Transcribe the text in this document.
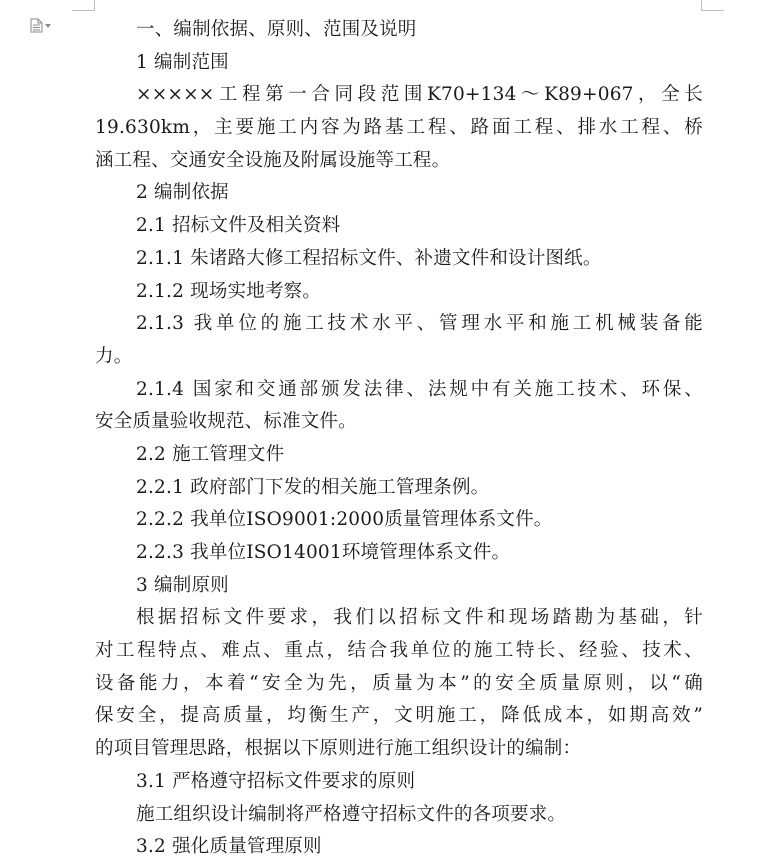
一、编制依据、原则、范围及说明
1 编制范围
×××××工程第一合同段范围K70+134～K89+067，全长
19.630km，主要施工内容为路基工程、路面工程、排水工程、桥
涵工程、交通安全设施及附属设施等工程。
2 编制依据
2.1 招标文件及相关资料
2.1.1 朱诸路大修工程招标文件、补遗文件和设计图纸。
2.1.2 现场实地考察。
2.1.3 我单位的施工技术水平、管理水平和施工机械装备能
力。
2.1.4 国家和交通部颁发法律、法规中有关施工技术、环保、
安全质量验收规范、标准文件。
2.2 施工管理文件
2.2.1 政府部门下发的相关施工管理条例。
2.2.2 我单位ISO9001:2000质量管理体系文件。
2.2.3 我单位ISO14001环境管理体系文件。
3 编制原则
根据招标文件要求，我们以招标文件和现场踏勘为基础，针
对工程特点、难点、重点，结合我单位的施工特长、经验、技术、
设备能力，本着“安全为先，质量为本”的安全质量原则，以“确
保安全，提高质量，均衡生产，文明施工，降低成本，如期高效”
的项目管理思路，根据以下原则进行施工组织设计的编制：
3.1 严格遵守招标文件要求的原则
施工组织设计编制将严格遵守招标文件的各项要求。
3.2 强化质量管理原则
